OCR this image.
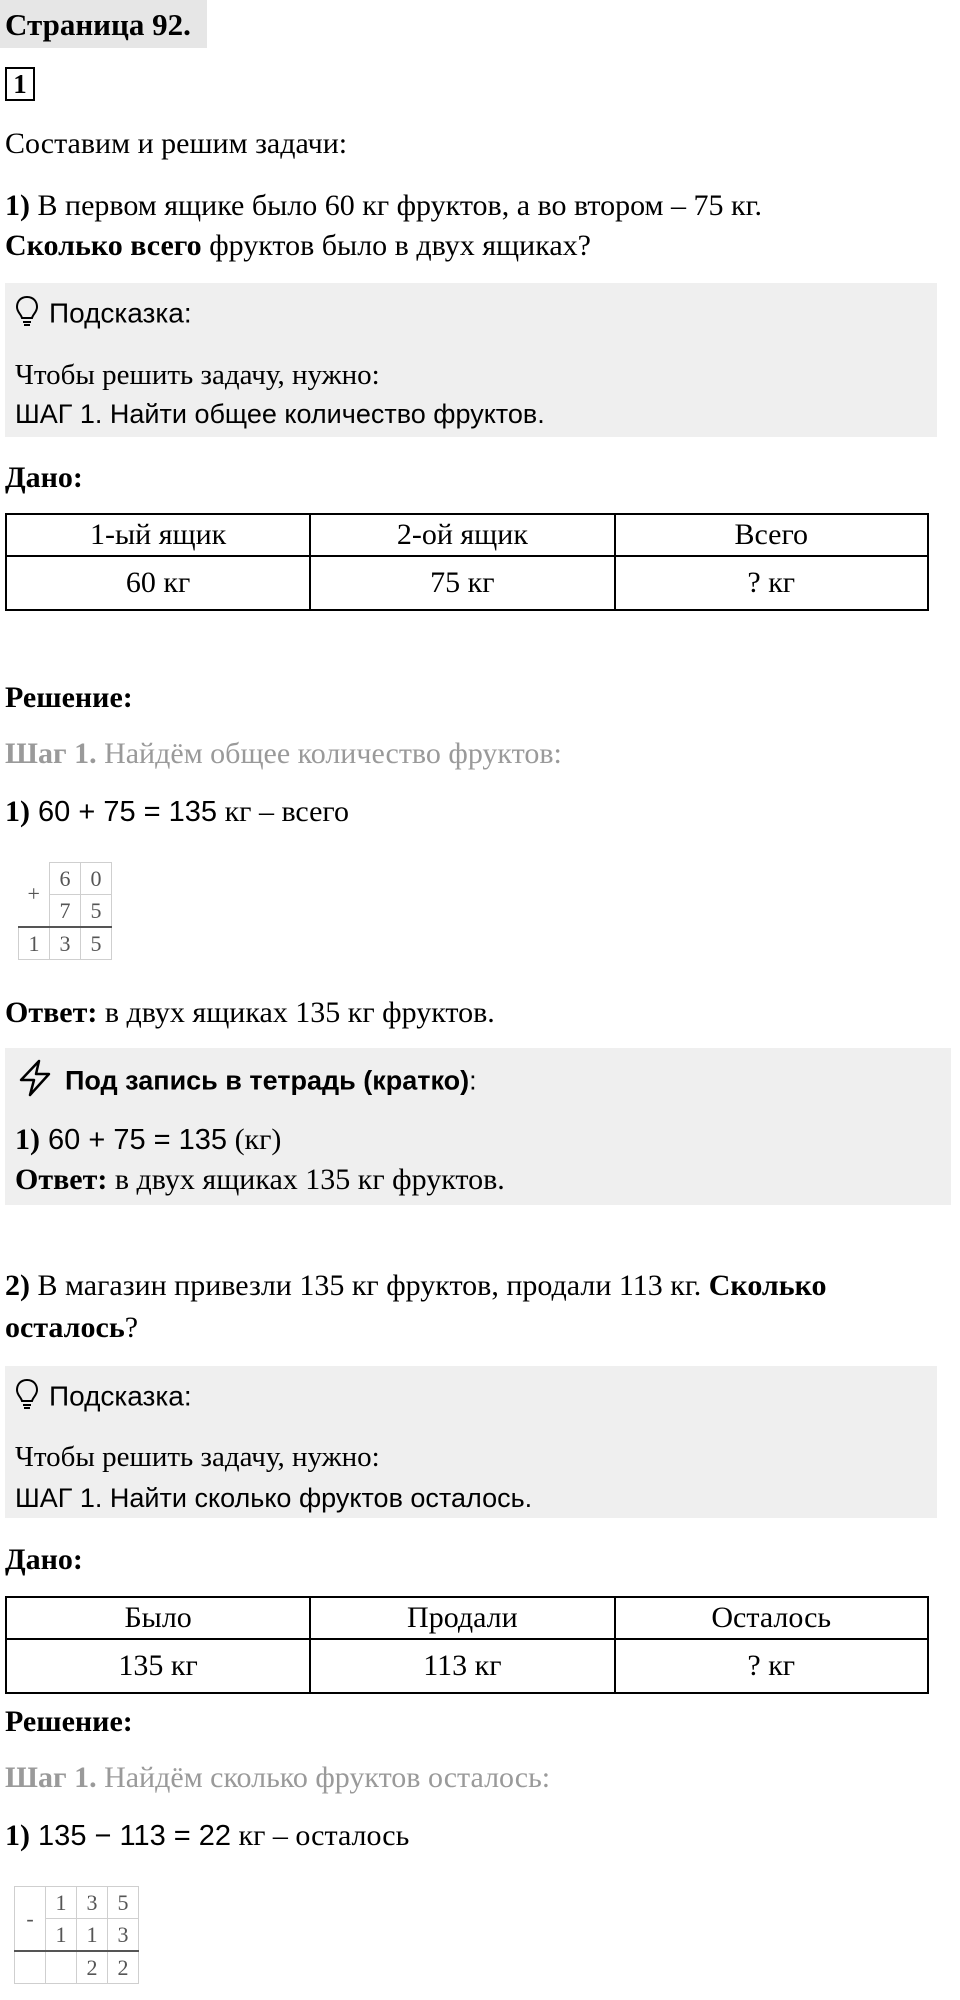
Страница 92.
1
Составим и решим задачи:
1) В первом ящике было 60 кг фруктов, а во втором – 75 кг.
Сколько всего фруктов было в двух ящиках?
Подсказка:
Чтобы решить задачу, нужно:
ШАГ 1. Найти общее количество фруктов.
Дано:
1-ый ящик	2-ой ящик	Всего
60 кг	75 кг	? кг
Решение:
Шаг 1. Найдём общее количество фруктов:
1) 60 + 75 = 135 кг – всего
+	6	0
	7	5
1	3	5
Ответ: в двух ящиках 135 кг фруктов.
Под запись в тетрадь (кратко):
1) 60 + 75 = 135 (кг)
Ответ: в двух ящиках 135 кг фруктов.
2) В магазин привезли 135 кг фруктов, продали 113 кг. Сколько
осталось?
Подсказка:
Чтобы решить задачу, нужно:
ШАГ 1. Найти сколько фруктов осталось.
Дано:
Было	Продали	Осталось
135 кг	113 кг	? кг
Решение:
Шаг 1. Найдём сколько фруктов осталось:
1) 135 − 113 = 22 кг – осталось
-	1	3	5
	1	1	3
		2	2
